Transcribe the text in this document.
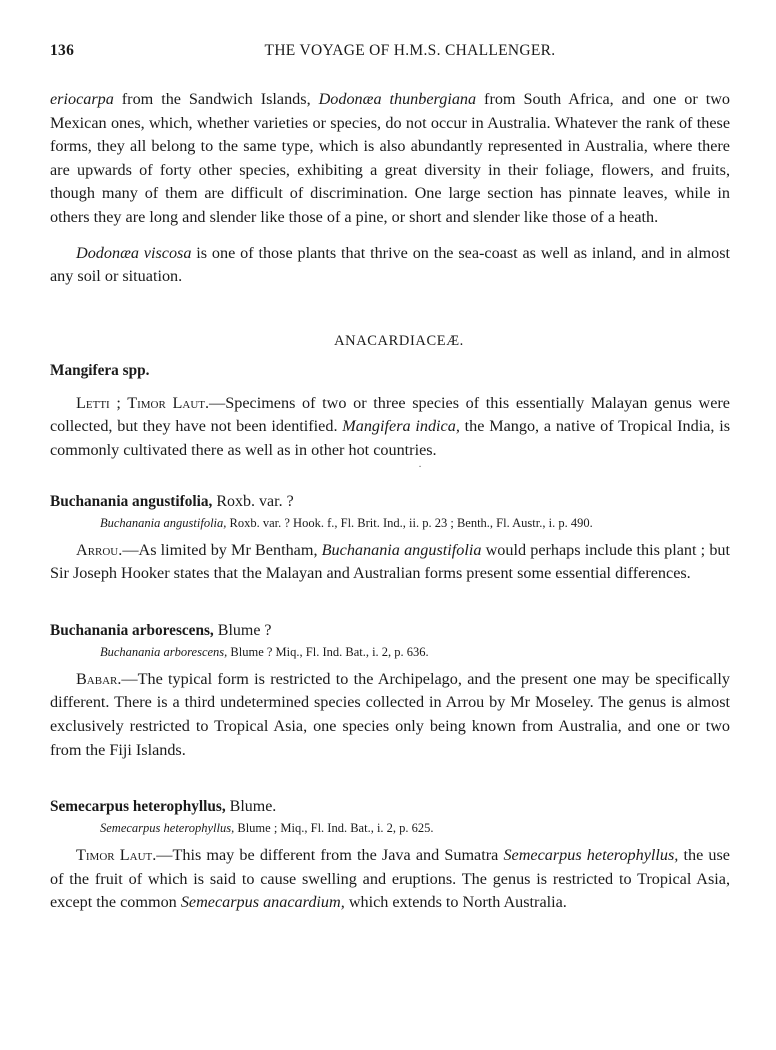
136	THE VOYAGE OF H.M.S. CHALLENGER.

eriocarpa from the Sandwich Islands, Dodonæa thunbergiana from South Africa, and one or two Mexican ones, which, whether varieties or species, do not occur in Australia. Whatever the rank of these forms, they all belong to the same type, which is also abundantly represented in Australia, where there are upwards of forty other species, exhibiting a great diversity in their foliage, flowers, and fruits, though many of them are difficult of discrimination. One large section has pinnate leaves, while in others they are long and slender like those of a pine, or short and slender like those of a heath.

Dodonæa viscosa is one of those plants that thrive on the sea-coast as well as inland, and in almost any soil or situation.

ANACARDIACEÆ.
Mangifera spp.

Letti ; Timor Laut.—Specimens of two or three species of this essentially Malayan genus were collected, but they have not been identified. Mangifera indica, the Mango, a native of Tropical India, is commonly cultivated there as well as in other hot countries.

·
Buchanania angustifolia, Roxb. var. ?
Buchanania angustifolia, Roxb. var. ? Hook. f., Fl. Brit. Ind., ii. p. 23 ; Benth., Fl. Austr., i. p. 490.

Arrou.—As limited by Mr Bentham, Buchanania angustifolia would perhaps include this plant ; but Sir Joseph Hooker states that the Malayan and Australian forms present some essential differences.

Buchanania arborescens, Blume ?
Buchanania arborescens, Blume ? Miq., Fl. Ind. Bat., i. 2, p. 636.

Babar.—The typical form is restricted to the Archipelago, and the present one may be specifically different. There is a third undetermined species collected in Arrou by Mr Moseley. The genus is almost exclusively restricted to Tropical Asia, one species only being known from Australia, and one or two from the Fiji Islands.

Semecarpus heterophyllus, Blume.
Semecarpus heterophyllus, Blume ; Miq., Fl. Ind. Bat., i. 2, p. 625.

Timor Laut.—This may be different from the Java and Sumatra Semecarpus heterophyllus, the use of the fruit of which is said to cause swelling and eruptions. The genus is restricted to Tropical Asia, except the common Semecarpus anacardium, which extends to North Australia.
